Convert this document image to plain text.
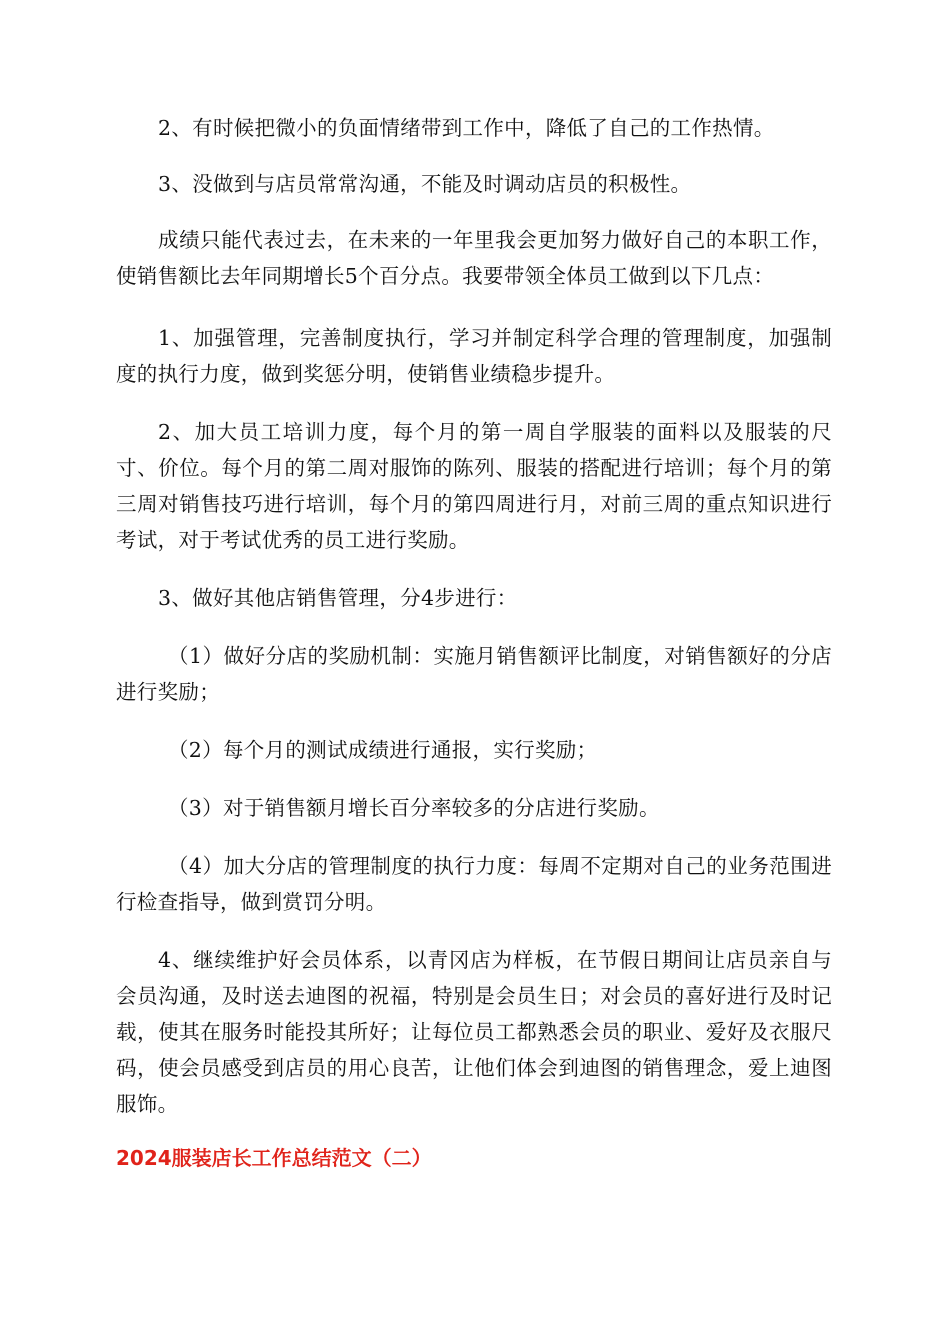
2、有时候把微小的负面情绪带到工作中，降低了自己的工作热情。

3、没做到与店员常常沟通，不能及时调动店员的积极性。

成绩只能代表过去，在未来的一年里我会更加努力做好自己的本职工作，使销售额比去年同期增长5个百分点。我要带领全体员工做到以下几点：

1、加强管理，完善制度执行，学习并制定科学合理的管理制度，加强制度的执行力度，做到奖惩分明，使销售业绩稳步提升。

2、加大员工培训力度，每个月的第一周自学服装的面料以及服装的尺寸、价位。每个月的第二周对服饰的陈列、服装的搭配进行培训；每个月的第三周对销售技巧进行培训，每个月的第四周进行月，对前三周的重点知识进行考试，对于考试优秀的员工进行奖励。

3、做好其他店销售管理，分4步进行：

（1）做好分店的奖励机制：实施月销售额评比制度，对销售额好的分店进行奖励；

（2）每个月的测试成绩进行通报，实行奖励；

（3）对于销售额月增长百分率较多的分店进行奖励。

（4）加大分店的管理制度的执行力度：每周不定期对自己的业务范围进行检查指导，做到赏罚分明。

4、继续维护好会员体系，以青冈店为样板，在节假日期间让店员亲自与会员沟通，及时送去迪图的祝福，特别是会员生日；对会员的喜好进行及时记载，使其在服务时能投其所好；让每位员工都熟悉会员的职业、爱好及衣服尺码，使会员感受到店员的用心良苦，让他们体会到迪图的销售理念，爱上迪图服饰。

2024服装店长工作总结范文（二）
